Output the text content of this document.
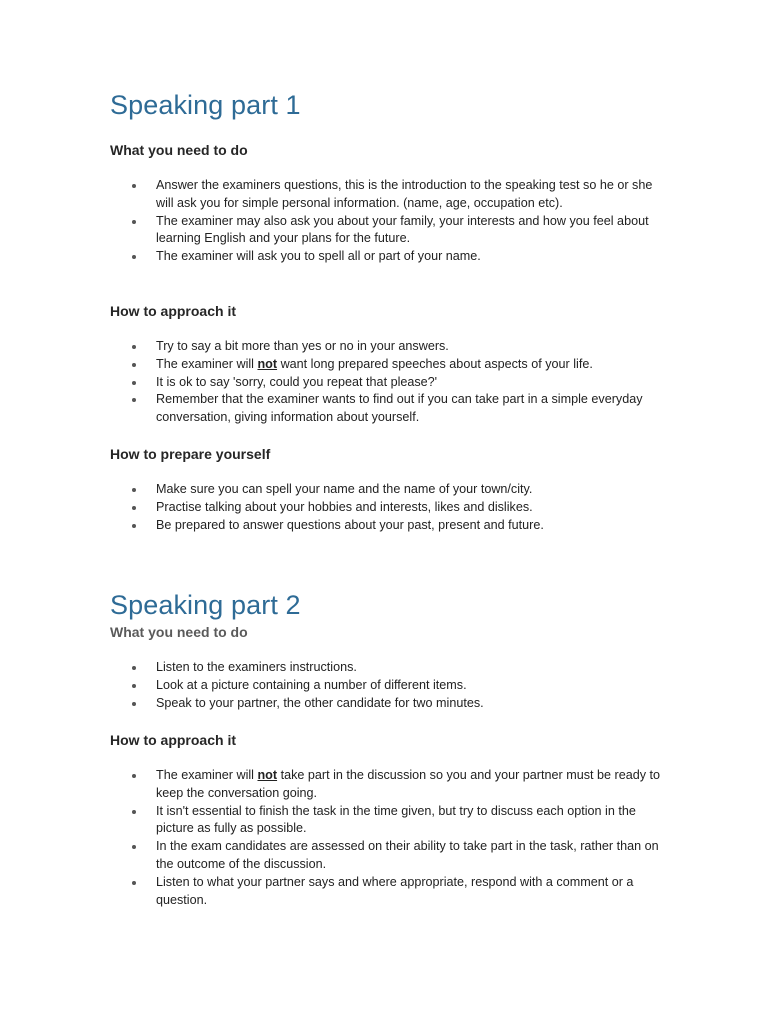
Speaking part 1
What you need to do
Answer the examiners questions, this is the introduction to the speaking test so he or she will ask you for simple personal information. (name, age, occupation etc).
The examiner may also ask you about your family, your interests and how you feel about learning English and your plans for the future.
The examiner will ask you to spell all or part of your name.
How to approach it
Try to say a bit more than yes or no in your answers.
The examiner will not want long prepared speeches about aspects of your life.
It is ok to say 'sorry, could you repeat that please?'
Remember that the examiner wants to find out if you can take part in a simple everyday conversation, giving information about yourself.
How to prepare yourself
Make sure you can spell your name and the name of your town/city.
Practise talking about your hobbies and interests, likes and dislikes.
Be prepared to answer questions about your past, present and future.
Speaking part 2
What you need to do
Listen to the examiners instructions.
Look at a picture containing a number of different items.
Speak to your partner, the other candidate for two minutes.
How to approach it
The examiner will not take part in the discussion so you and your partner must be ready to keep the conversation going.
It isn't essential to finish the task in the time given, but try to discuss each option in the picture as fully as possible.
In the exam candidates are assessed on their ability to take part in the task, rather than on the outcome of the discussion.
Listen to what your partner says and where appropriate, respond with a comment or a question.
